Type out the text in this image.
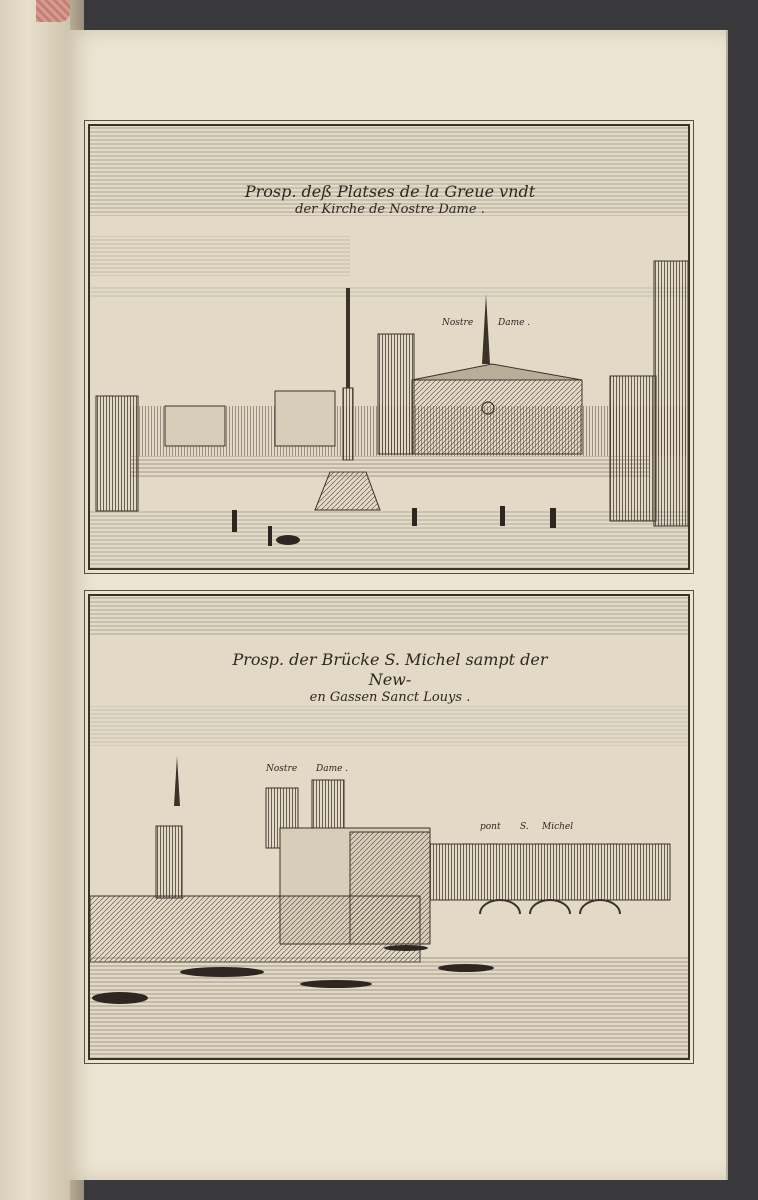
Prosp. deß Platses de la Greue vndt
der Kirche de Nostre Dame .
Nostre	Dame .
Prosp. der Brücke S. Michel sampt der New-
en Gassen Sanct Louys .
Nostre Dame .
pont S. Michel
